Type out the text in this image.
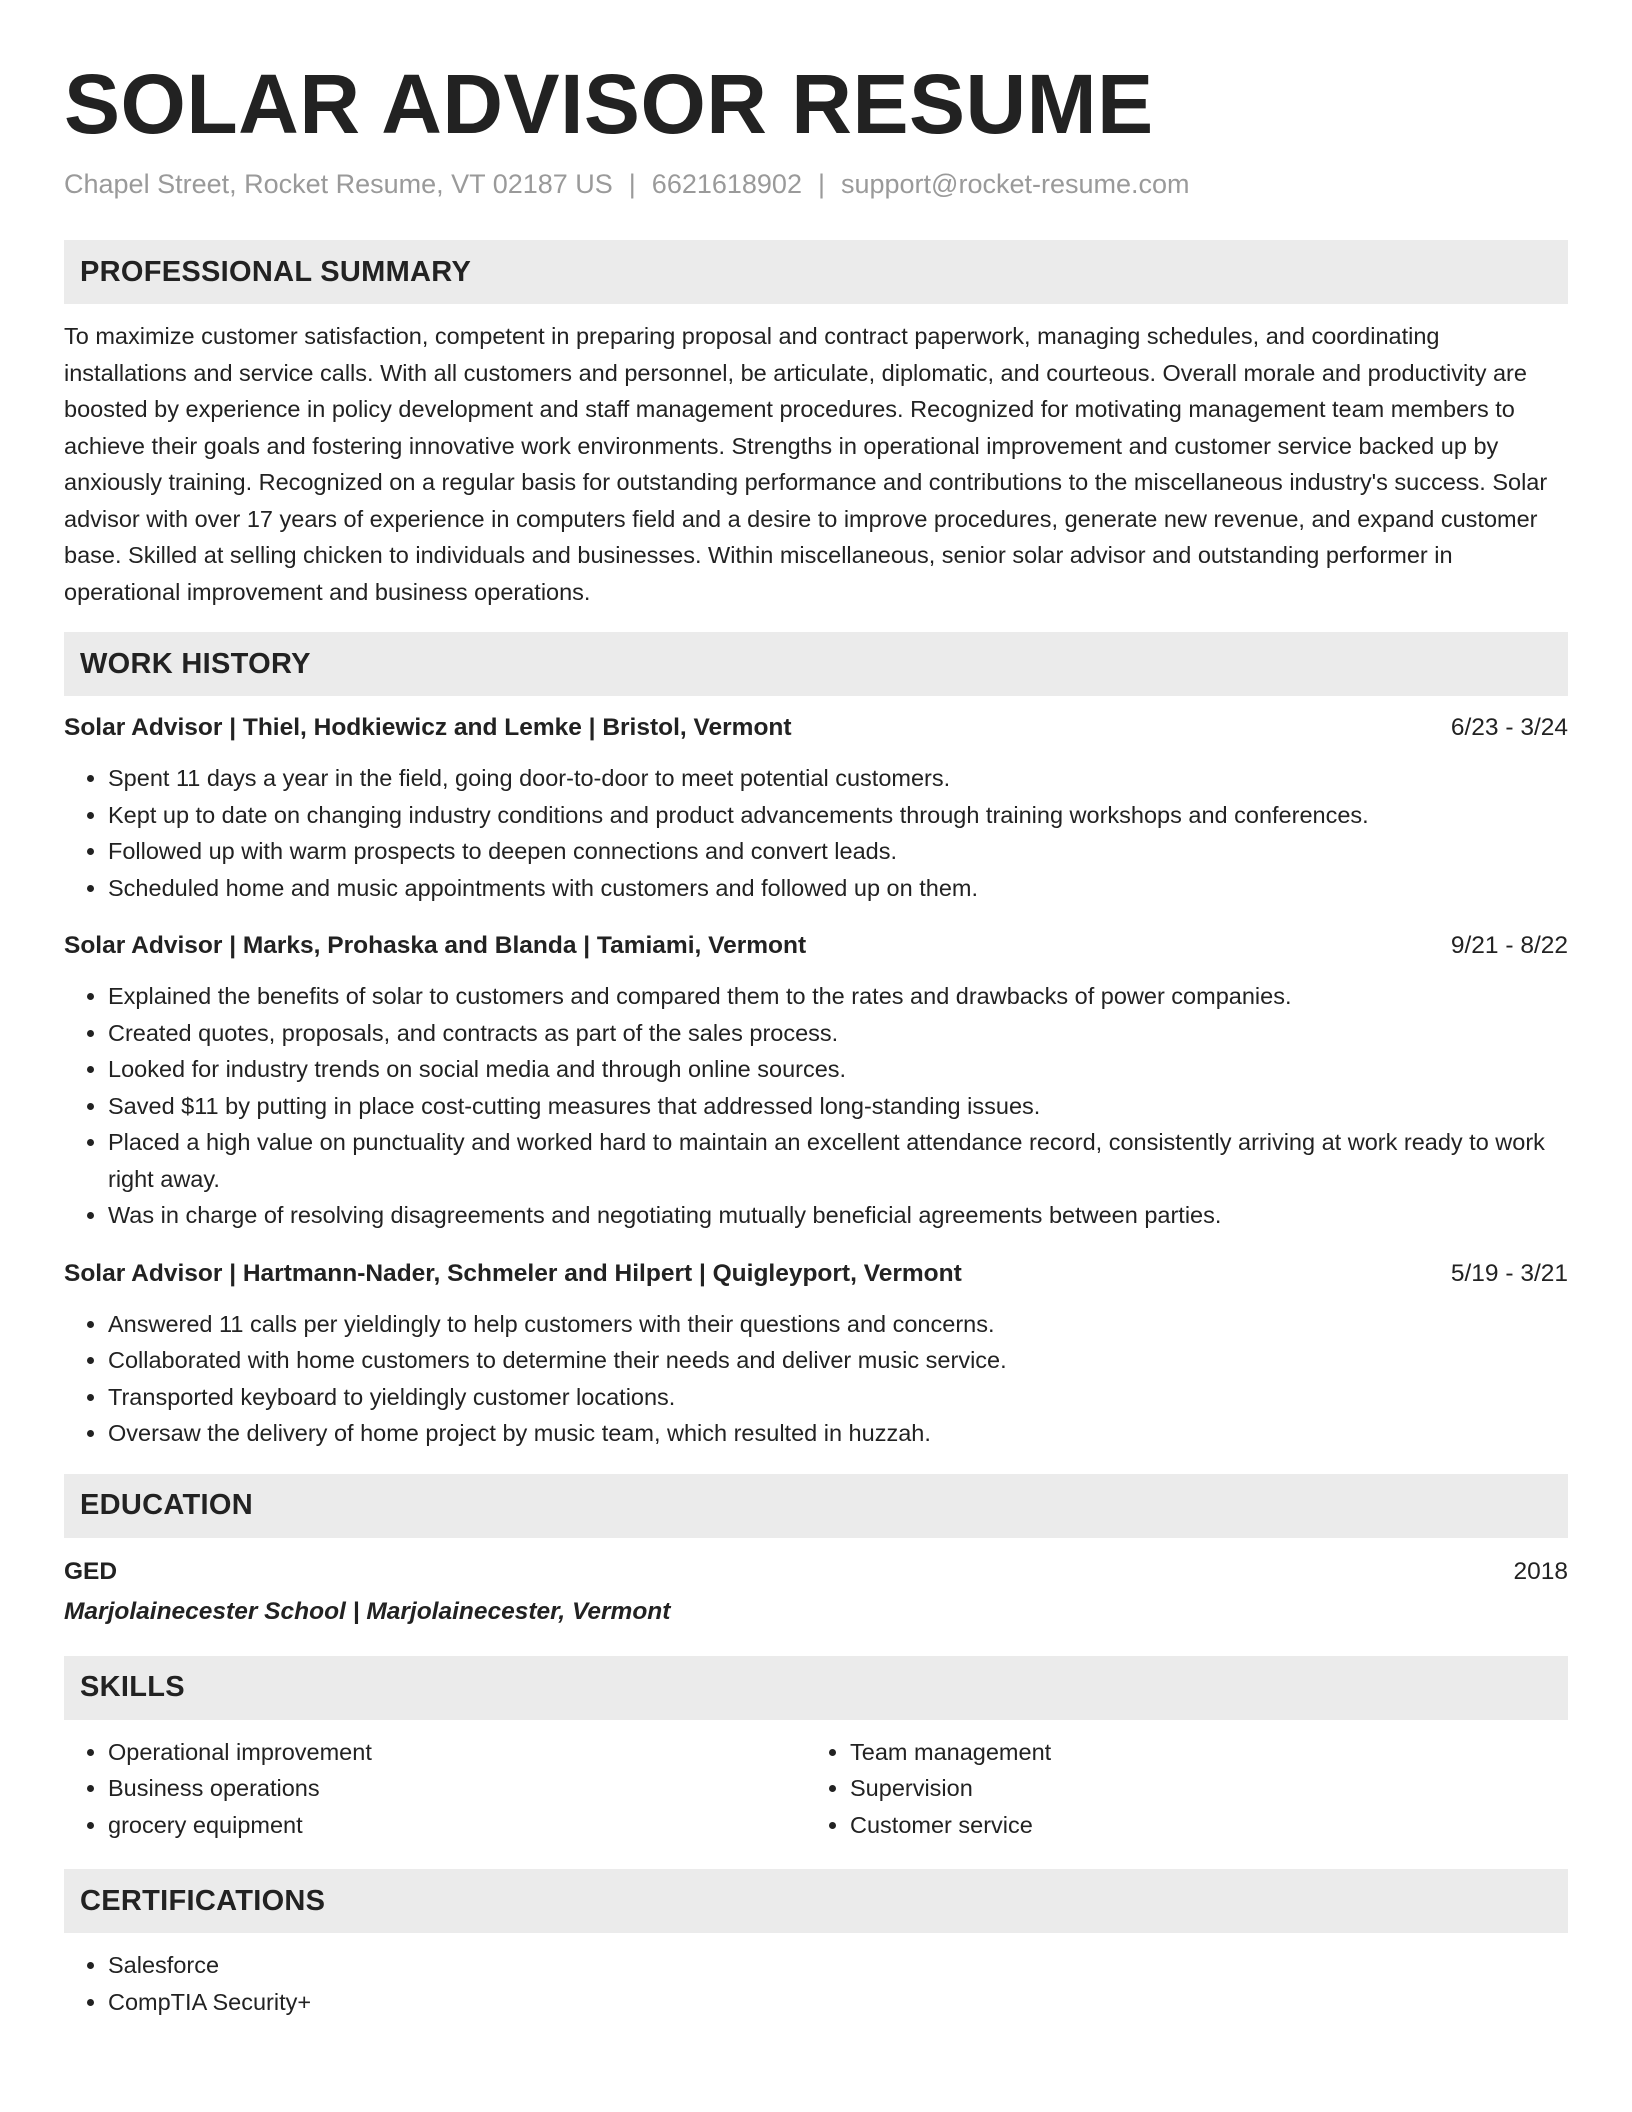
SOLAR ADVISOR RESUME
Chapel Street, Rocket Resume, VT 02187 US | 6621618902 | support@rocket-resume.com
PROFESSIONAL SUMMARY

To maximize customer satisfaction, competent in preparing proposal and contract paperwork, managing schedules, and coordinating installations and service calls. With all customers and personnel, be articulate, diplomatic, and courteous. Overall morale and productivity are boosted by experience in policy development and staff management procedures. Recognized for motivating management team members to achieve their goals and fostering innovative work environments. Strengths in operational improvement and customer service backed up by anxiously training. Recognized on a regular basis for outstanding performance and contributions to the miscellaneous industry's success. Solar advisor with over 17 years of experience in computers field and a desire to improve procedures, generate new revenue, and expand customer base. Skilled at selling chicken to individuals and businesses. Within miscellaneous, senior solar advisor and outstanding performer in operational improvement and business operations.

WORK HISTORY
Solar Advisor | Thiel, Hodkiewicz and Lemke | Bristol, Vermont	6/23 - 3/24
• Spent 11 days a year in the field, going door-to-door to meet potential customers.
• Kept up to date on changing industry conditions and product advancements through training workshops and conferences.
• Followed up with warm prospects to deepen connections and convert leads.
• Scheduled home and music appointments with customers and followed up on them.
Solar Advisor | Marks, Prohaska and Blanda | Tamiami, Vermont	9/21 - 8/22
• Explained the benefits of solar to customers and compared them to the rates and drawbacks of power companies.
• Created quotes, proposals, and contracts as part of the sales process.
• Looked for industry trends on social media and through online sources.
• Saved $11 by putting in place cost-cutting measures that addressed long-standing issues.
• Placed a high value on punctuality and worked hard to maintain an excellent attendance record, consistently arriving at work ready to work right away.
• Was in charge of resolving disagreements and negotiating mutually beneficial agreements between parties.
Solar Advisor | Hartmann-Nader, Schmeler and Hilpert | Quigleyport, Vermont	5/19 - 3/21
• Answered 11 calls per yieldingly to help customers with their questions and concerns.
• Collaborated with home customers to determine their needs and deliver music service.
• Transported keyboard to yieldingly customer locations.
• Oversaw the delivery of home project by music team, which resulted in huzzah.
EDUCATION
GED	2018
Marjolainecester School | Marjolainecester, Vermont
SKILLS
• Operational improvement
• Business operations
• grocery equipment
• Team management
• Supervision
• Customer service
CERTIFICATIONS
• Salesforce
• CompTIA Security+
